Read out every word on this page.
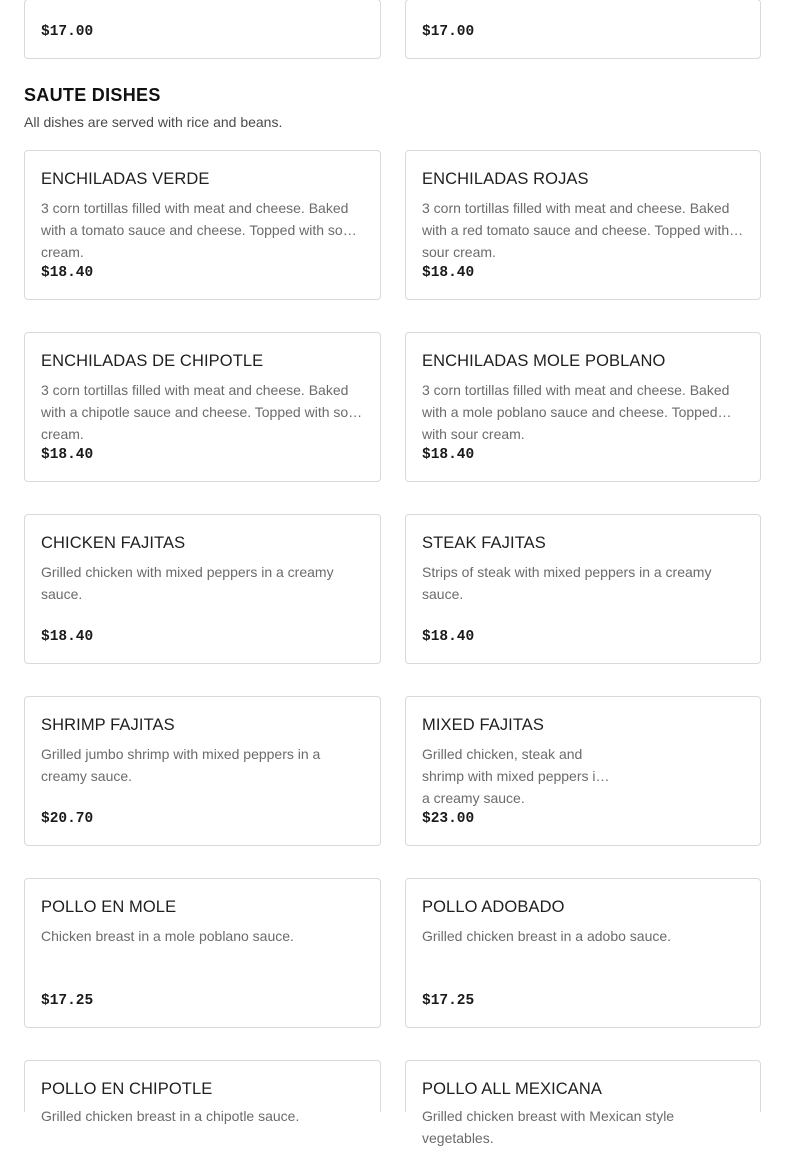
$17.00	$17.00
SAUTE DISHES
All dishes are served with rice and beans.
ENCHILADAS VERDE
3 corn tortillas filled with meat and cheese. Baked with a tomato sauce and cheese. Topped with sour cream.
$18.40
ENCHILADAS ROJAS
3 corn tortillas filled with meat and cheese. Baked with a red tomato sauce and cheese. Topped with sour cream.
$18.40
ENCHILADAS DE CHIPOTLE
3 corn tortillas filled with meat and cheese. Baked with a chipotle sauce and cheese. Topped with sour cream.
$18.40
ENCHILADAS MOLE POBLANO
3 corn tortillas filled with meat and cheese. Baked with a mole poblano sauce and cheese. Topped with sour cream.
$18.40
CHICKEN FAJITAS
Grilled chicken with mixed peppers in a creamy sauce.
$18.40
STEAK FAJITAS
Strips of steak with mixed peppers in a creamy sauce.
$18.40
SHRIMP FAJITAS
Grilled jumbo shrimp with mixed peppers in a creamy sauce.
$20.70
MIXED FAJITAS
Grilled chicken, steak and shrimp with mixed peppers in a creamy sauce.
$23.00
POLLO EN MOLE
Chicken breast in a mole poblano sauce.
$17.25
POLLO ADOBADO
Grilled chicken breast in a adobo sauce.
$17.25
POLLO EN CHIPOTLE
Grilled chicken breast in a chipotle sauce.
POLLO ALL MEXICANA
Grilled chicken breast with Mexican style vegetables.
